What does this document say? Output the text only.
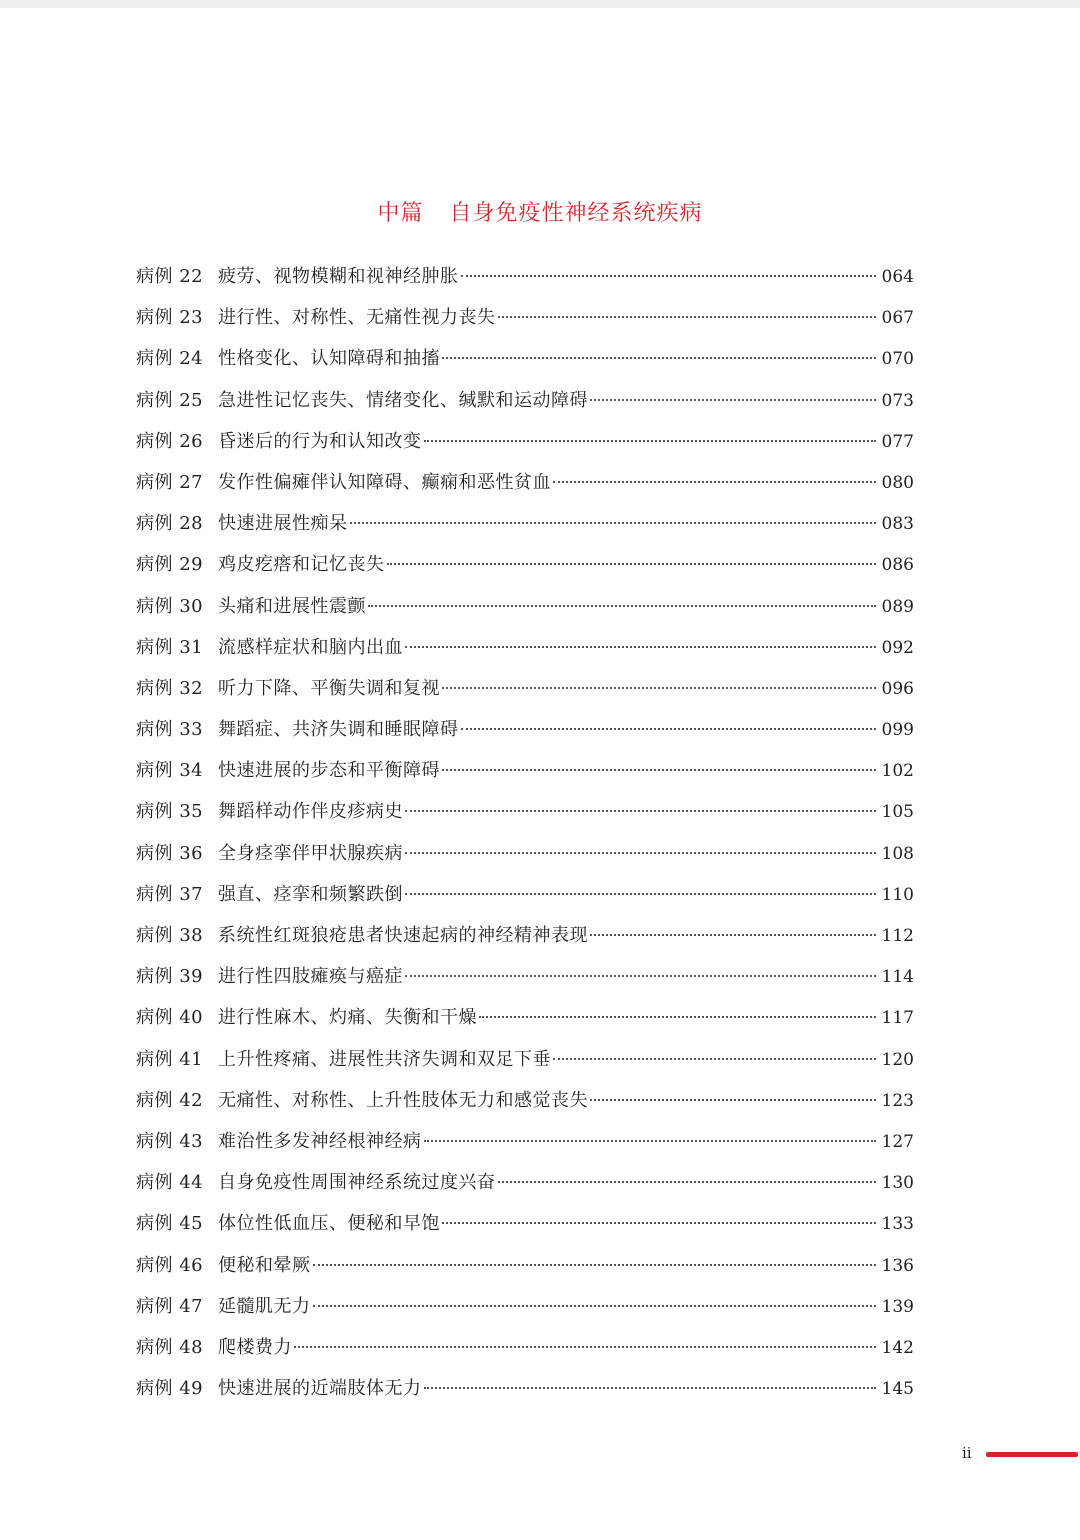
中篇 自身免疫性神经系统疾病
病例 22 疲劳、视物模糊和视神经肿胀	064
病例 23 进行性、对称性、无痛性视力丧失	067
病例 24 性格变化、认知障碍和抽搐	070
病例 25 急进性记忆丧失、情绪变化、缄默和运动障碍	073
病例 26 昏迷后的行为和认知改变	077
病例 27 发作性偏瘫伴认知障碍、癫痫和恶性贫血	080
病例 28 快速进展性痴呆	083
病例 29 鸡皮疙瘩和记忆丧失	086
病例 30 头痛和进展性震颤	089
病例 31 流感样症状和脑内出血	092
病例 32 听力下降、平衡失调和复视	096
病例 33 舞蹈症、共济失调和睡眠障碍	099
病例 34 快速进展的步态和平衡障碍	102
病例 35 舞蹈样动作伴皮疹病史	105
病例 36 全身痉挛伴甲状腺疾病	108
病例 37 强直、痉挛和频繁跌倒	110
病例 38 系统性红斑狼疮患者快速起病的神经精神表现	112
病例 39 进行性四肢瘫痪与癌症	114
病例 40 进行性麻木、灼痛、失衡和干燥	117
病例 41 上升性疼痛、进展性共济失调和双足下垂	120
病例 42 无痛性、对称性、上升性肢体无力和感觉丧失	123
病例 43 难治性多发神经根神经病	127
病例 44 自身免疫性周围神经系统过度兴奋	130
病例 45 体位性低血压、便秘和早饱	133
病例 46 便秘和晕厥	136
病例 47 延髓肌无力	139
病例 48 爬楼费力	142
病例 49 快速进展的近端肢体无力	145
ii
